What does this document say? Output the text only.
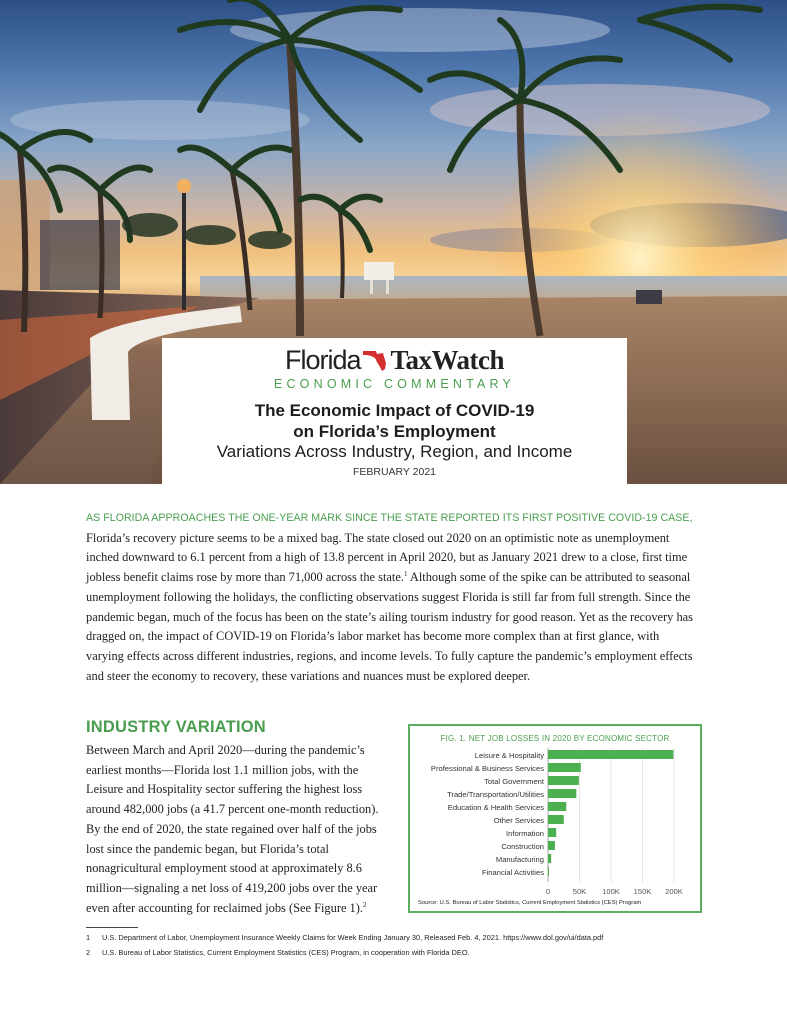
Florida TaxWatch
ECONOMIC COMMENTARY
The Economic Impact of COVID-19
on Florida’s Employment
Variations Across Industry, Region, and Income
FEBRUARY 2021

AS FLORIDA APPROACHES THE ONE-YEAR MARK SINCE THE STATE REPORTED ITS FIRST POSITIVE COVID-19 CASE, Florida’s recovery picture seems to be a mixed bag. The state closed out 2020 on an optimistic note as unemployment inched downward to 6.1 percent from a high of 13.8 percent in April 2020, but as January 2021 drew to a close, first time jobless benefit claims rose by more than 71,000 across the state.$^1$ Although some of the spike can be attributed to seasonal unemployment following the holidays, the conflicting observations suggest Florida is still far from full strength. Since the pandemic began, much of the focus has been on the state’s ailing tourism industry for good reason. Yet as the recovery has dragged on, the impact of COVID-19 on Florida’s labor market has become more complex than at first glance, with varying effects across different industries, regions, and income levels. To fully capture the pandemic’s employment effects and steer the economy to recovery, these variations and nuances must be explored deeper.

INDUSTRY VARIATION

Between March and April 2020—during the pandemic’s earliest months—Florida lost 1.1 million jobs, with the Leisure and Hospitality sector suffering the highest loss around 482,000 jobs (a 41.7 percent one-month reduction). By the end of 2020, the state regained over half of the jobs lost since the pandemic began, but Florida’s total nonagricultural employment stood at approximately 8.6 million—signaling a net loss of 419,200 jobs over the year even after accounting for reclaimed jobs (See Figure 1).$^2$

0	50K 100K 150K 200K
Leisure & Hospitality
Professional & Business Services
Total Government
Trade/Transportation/Utilities
Education & Health Services
Other Services
Information
Construction
Manufacturing
Financial Activities
FIG. 1. NET JOB LOSSES IN 2020 BY ECONOMIC SECTOR
Source: U.S. Bureau of Labor Statistics, Current Employment Statistics (CES) Program
1 U.S. Department of Labor, Unemployment Insurance Weekly Claims for Week Ending January 30, Released Feb. 4, 2021. https://www.dol.gov/ui/data.pdf
2 U.S. Bureau of Labor Statistics, Current Employment Statistics (CES) Program, in cooperation with Florida DEO.
